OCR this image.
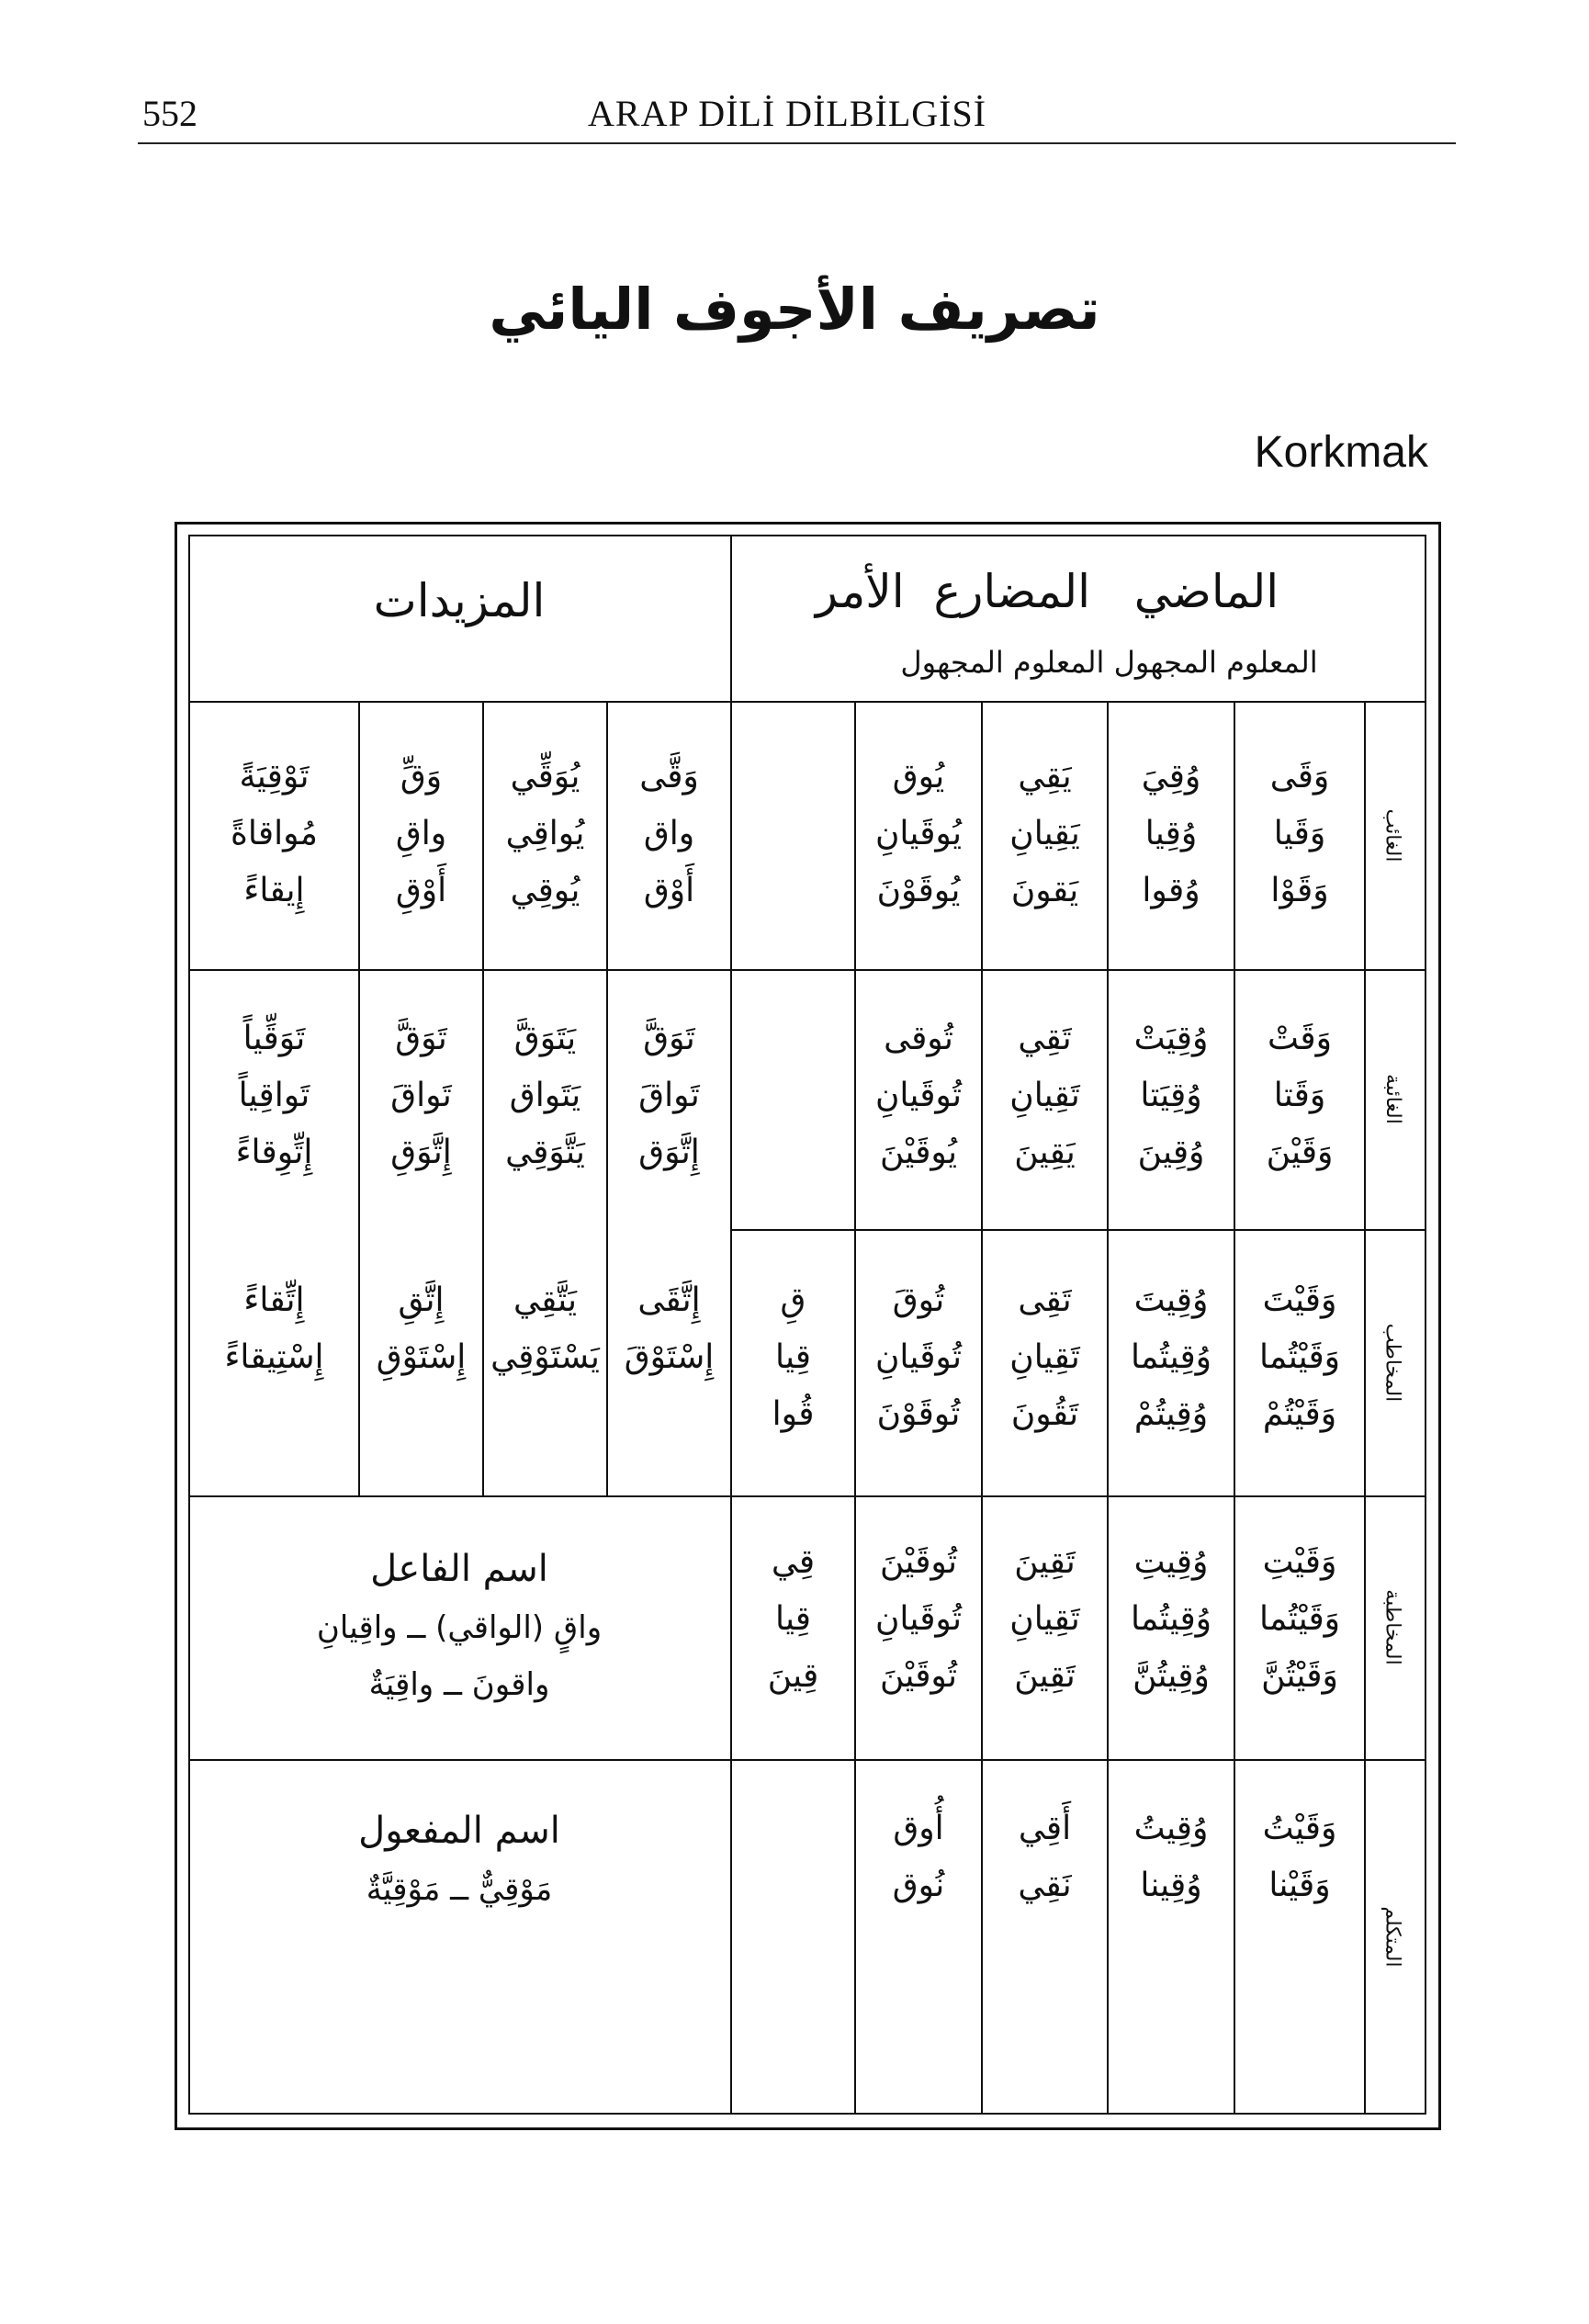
552	ARAP DİLİ DİLBİLGİSİ
تصريف الأجوف اليائي
Korkmak
المزيدات	الماضي   المضارع  الأمر
المعلوم المجهول المعلوم المجهول
الغائب
الغائبة
المخاطب
المخاطبة
المتكلم
وَقَى
وَقَيا
وَقَوْا
وُقِيَ
وُقِيا
وُقوا
يَقِي
يَقِيانِ
يَقونَ
يُوق
يُوقَيانِ
يُوقَوْنَ
وَقَّى
واق
أَوْق
يُوَقِّي
يُواقِي
يُوقِي
وَقِّ
واقِ
أَوْقِ
تَوْقِيَةً
مُواقاةً
إِيقاءً
وَقَتْ
وَقَتا
وَقَيْنَ
وُقِيَتْ
وُقِيَتا
وُقِينَ
تَقِي
تَقِيانِ
يَقِينَ
تُوقى
تُوقَيانِ
يُوقَيْنَ
تَوَقَّ
تَواقَ
إِتَّوَق
يَتَوَقَّ
يَتَواق
يَتَّوَقِي
تَوَقَّ
تَواقَ
إِتَّوَقِ
تَوَقِّياً
تَواقِياً
إِتِّوِقاءً
وَقَيْتَ
وَقَيْتُما
وَقَيْتُمْ
وُقِيتَ
وُقِيتُما
وُقِيتُمْ
تَقِى
تَقِيانِ
تَقُونَ
تُوقَ
تُوقَيانِ
تُوقَوْنَ
قِ
قِيا
قُوا
إِتَّقَى
إِسْتَوْقَ
يَتَّقِي
يَسْتَوْقِي
إِتَّقِ
إِسْتَوْقِ
إِتِّقاءً
إِسْتِيقاءً
وَقَيْتِ
وَقَيْتُما
وَقَيْتُنَّ
وُقِيتِ
وُقِيتُما
وُقِيتُنَّ
تَقِينَ
تَقِيانِ
تَقِينَ
تُوقَيْنَ
تُوقَيانِ
تُوقَيْنَ
قِي
قِيا
قِينَ
اسم الفاعل
واقٍ (الواقي) ــ واقِيانِ
واقونَ ــ واقِيَةٌ
وَقَيْتُ
وَقَيْنا
وُقِيتُ
وُقِينا
أَقِي
نَقِي
أُوق
نُوق
اسم المفعول
مَوْقِيٌّ ــ مَوْقِيَّةٌ
